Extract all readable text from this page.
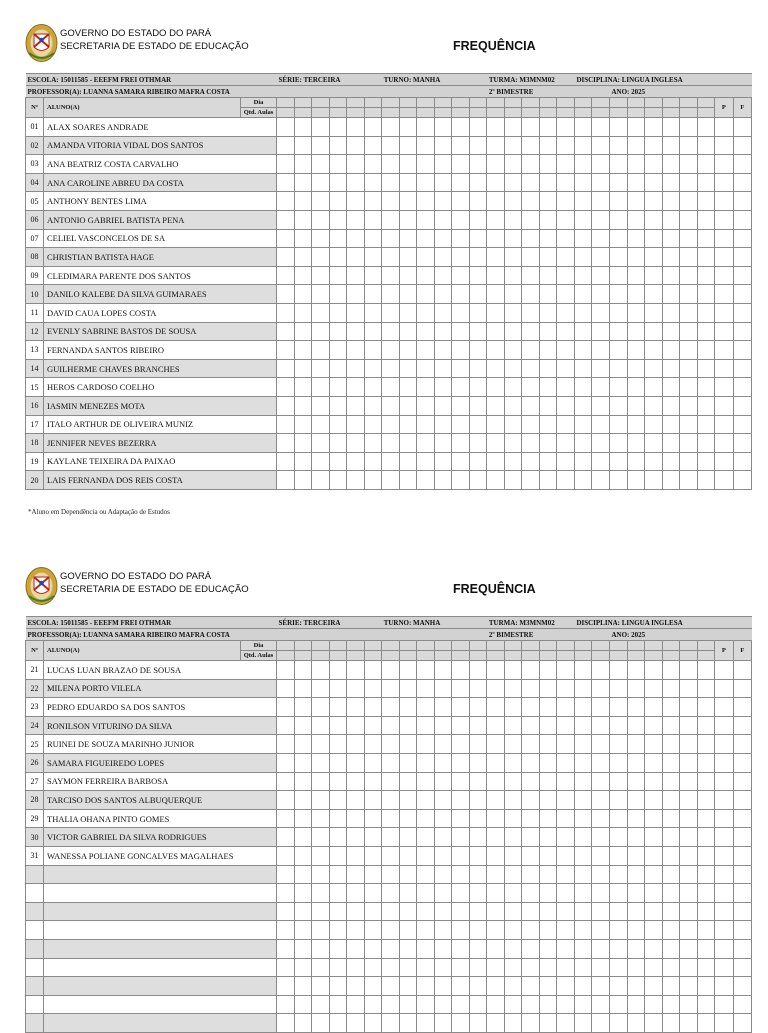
GOVERNO DO ESTADO DO PARÁ
SECRETARIA DE ESTADO DE EDUCAÇÃO	FREQUÊNCIA
ESCOLA: 15011585 - EEEFM FREI OTHMAR			SÉRIE: TERCEIRA						TURNO: MANHA						TURMA: M3MNM02					DISCIPLINA: LINGUA INGLESA									
PROFESSOR(A): LUANNA SAMARA RIBEIRO MAFRA COSTA															2º BIMESTRE							ANO: 2025							
Nº	ALUNO(A)	Dia																										P	F
		Qtd. Aulas																											
01	ALAX SOARES ANDRADE																												
02	AMANDA VITORIA VIDAL DOS SANTOS																												
03	ANA BEATRIZ COSTA CARVALHO																												
04	ANA CAROLINE ABREU DA COSTA																												
05	ANTHONY BENTES LIMA																												
06	ANTONIO GABRIEL BATISTA PENA																												
07	CELIEL VASCONCELOS DE SA																												
08	CHRISTIAN BATISTA HAGE																												
09	CLEDIMARA PARENTE DOS SANTOS																												
10	DANILO KALEBE DA SILVA GUIMARAES																												
11	DAVID CAUA LOPES COSTA																												
12	EVENLY SABRINE BASTOS DE SOUSA																												
13	FERNANDA SANTOS RIBEIRO																												
14	GUILHERME CHAVES BRANCHES																												
15	HEROS CARDOSO COELHO																												
16	IASMIN MENEZES MOTA																												
17	ITALO ARTHUR DE OLIVEIRA MUNIZ																												
18	JENNIFER NEVES BEZERRA																												
19	KAYLANE TEIXEIRA DA PAIXAO																												
20	LAIS FERNANDA DOS REIS COSTA																												
*Aluno em Dependência ou Adaptação de Estudos
GOVERNO DO ESTADO DO PARÁ
SECRETARIA DE ESTADO DE EDUCAÇÃO	FREQUÊNCIA
ESCOLA: 15011585 - EEEFM FREI OTHMAR			SÉRIE: TERCEIRA						TURNO: MANHA						TURMA: M3MNM02					DISCIPLINA: LINGUA INGLESA									
PROFESSOR(A): LUANNA SAMARA RIBEIRO MAFRA COSTA															2º BIMESTRE							ANO: 2025							
Nº	ALUNO(A)	Dia																										P	F
		Qtd. Aulas																											
21	LUCAS LUAN BRAZAO DE SOUSA																												
22	MILENA PORTO VILELA																												
23	PEDRO EDUARDO SA DOS SANTOS																												
24	RONILSON VITURINO DA SILVA																												
25	RUINEI DE SOUZA MARINHO JUNIOR																												
26	SAMARA FIGUEIREDO LOPES																												
27	SAYMON FERREIRA BARBOSA																												
28	TARCISO DOS SANTOS ALBUQUERQUE																												
29	THALIA OHANA PINTO GOMES																												
30	VICTOR GABRIEL DA SILVA RODRIGUES																												
31	WANESSA POLIANE GONCALVES MAGALHAES																												
